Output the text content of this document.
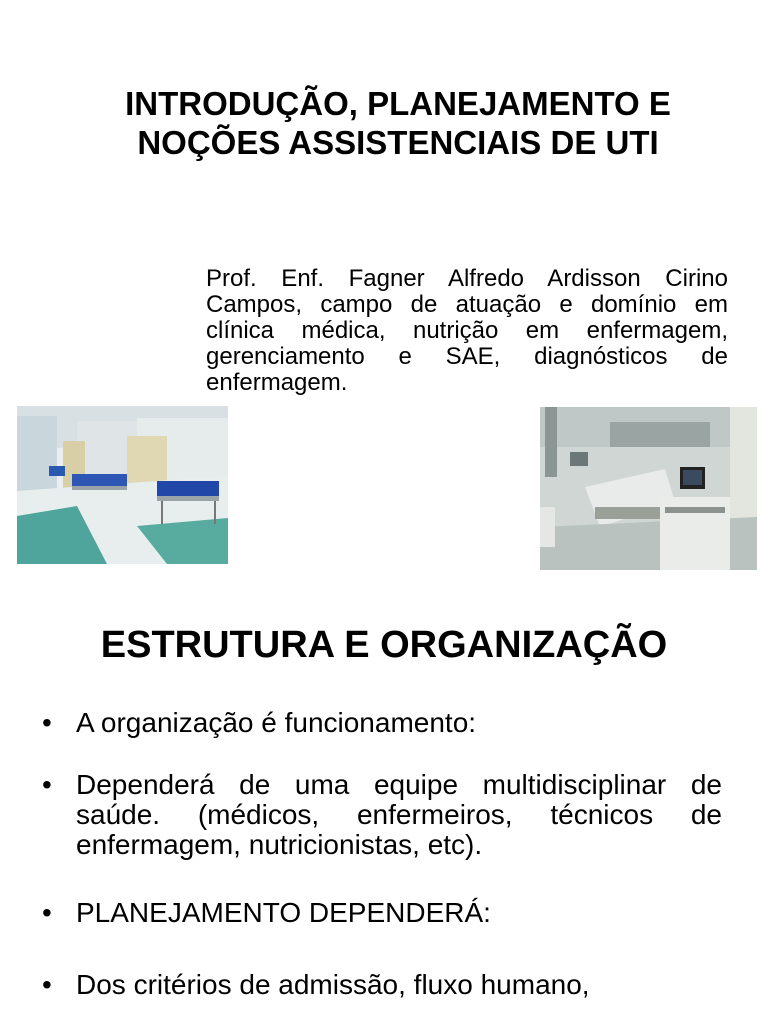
INTRODUÇÃO, PLANEJAMENTO E
NOÇÕES ASSISTENCIAIS DE UTI

Prof. Enf. Fagner Alfredo Ardisson Cirino Campos, campo de atuação e domínio em clínica médica, nutrição em enfermagem, gerenciamento e SAE, diagnósticos de enfermagem.

ESTRUTURA E ORGANIZAÇÃO
• A organização é funcionamento:
• Dependerá de uma equipe multidisciplinar de saúde. (médicos, enfermeiros, técnicos de enfermagem, nutricionistas, etc).
• PLANEJAMENTO DEPENDERÁ:
• Dos critérios de admissão, fluxo humano,
